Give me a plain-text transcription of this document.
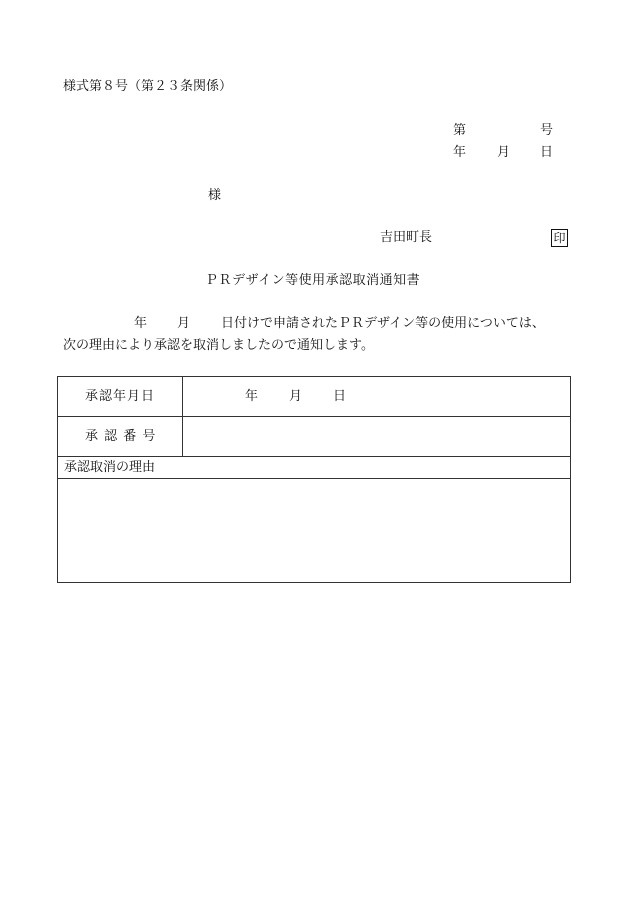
様式第８号（第２３条関係）
第	号
年 月 日
様
吉田町長	印
ＰＲデザイン等使用承認取消通知書
年 月 日付けで申請されたＰＲデザイン等の使用については、
次の理由により承認を取消しましたので通知します。
承認年月日	年 月 日
承 認 番 号
承認取消の理由
